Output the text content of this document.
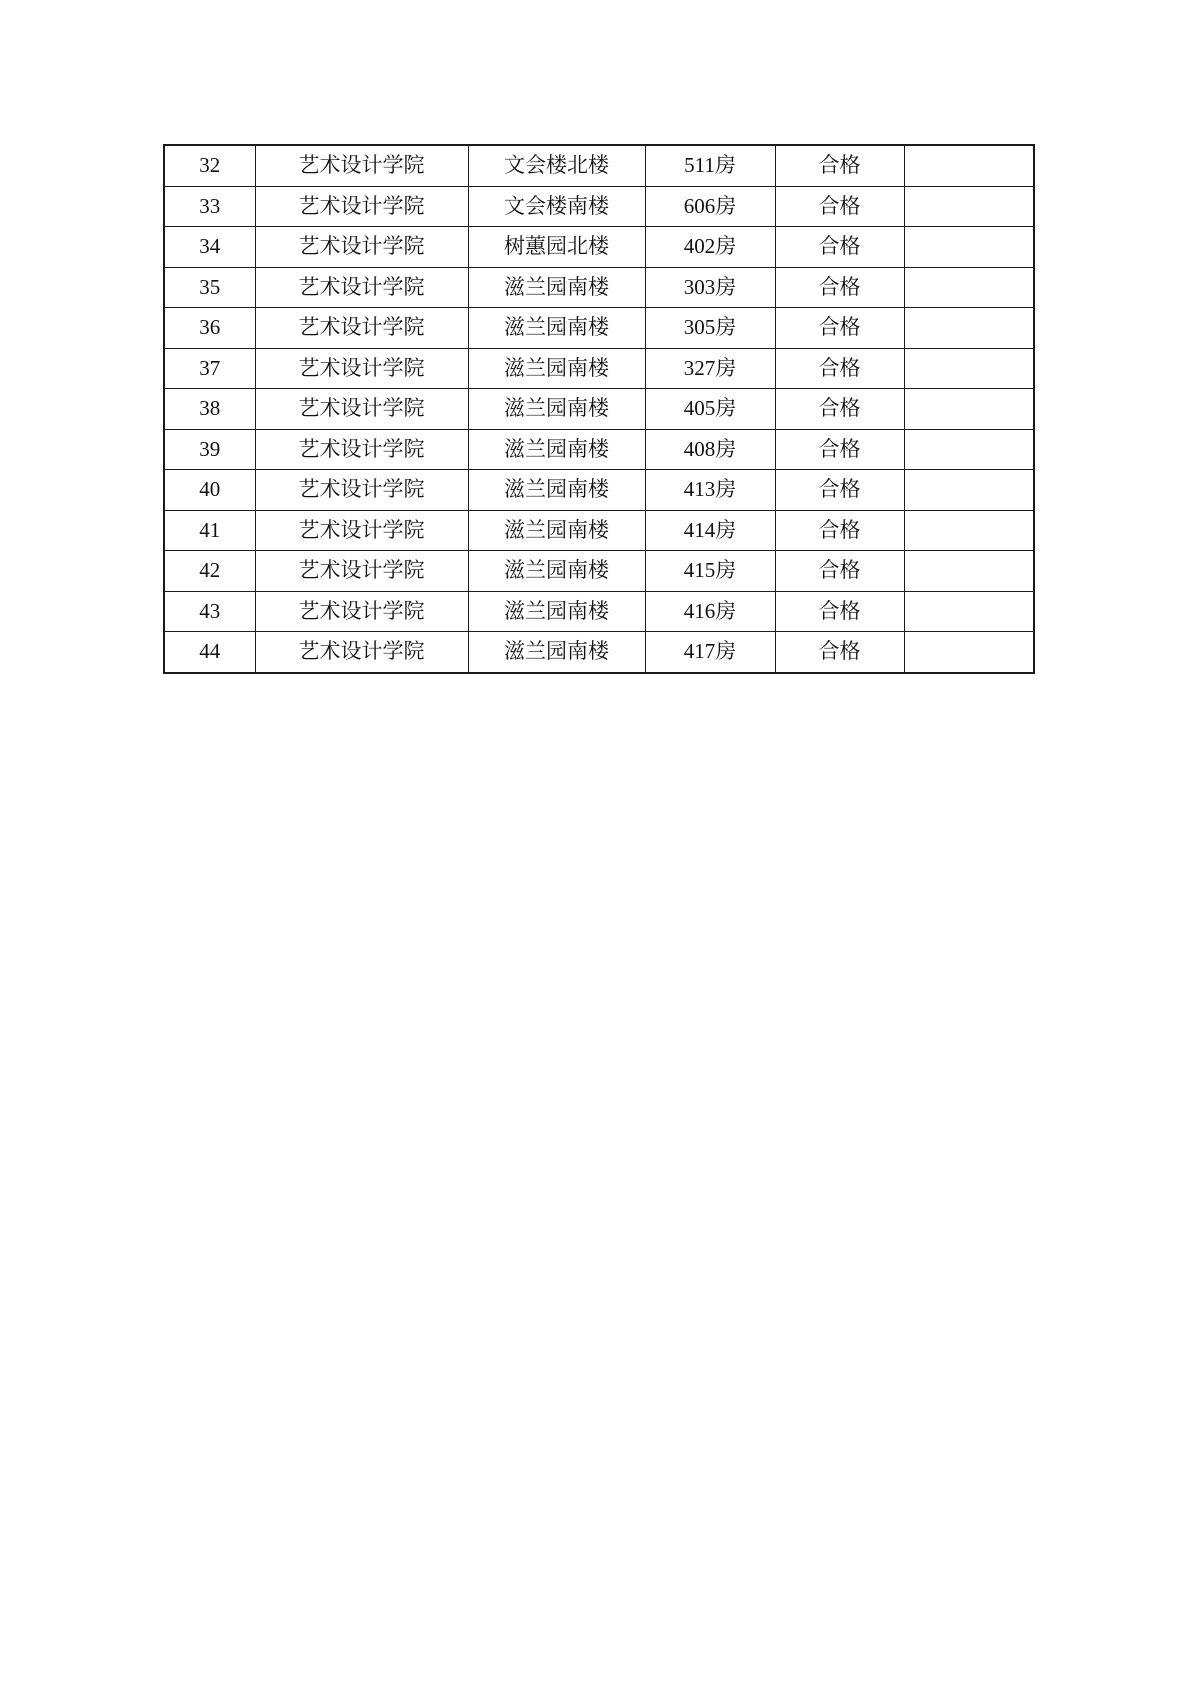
32	艺术设计学院	文会楼北楼	511房	合格	
33	艺术设计学院	文会楼南楼	606房	合格	
34	艺术设计学院	树蕙园北楼	402房	合格	
35	艺术设计学院	滋兰园南楼	303房	合格	
36	艺术设计学院	滋兰园南楼	305房	合格	
37	艺术设计学院	滋兰园南楼	327房	合格	
38	艺术设计学院	滋兰园南楼	405房	合格	
39	艺术设计学院	滋兰园南楼	408房	合格	
40	艺术设计学院	滋兰园南楼	413房	合格	
41	艺术设计学院	滋兰园南楼	414房	合格	
42	艺术设计学院	滋兰园南楼	415房	合格	
43	艺术设计学院	滋兰园南楼	416房	合格	
44	艺术设计学院	滋兰园南楼	417房	合格	
